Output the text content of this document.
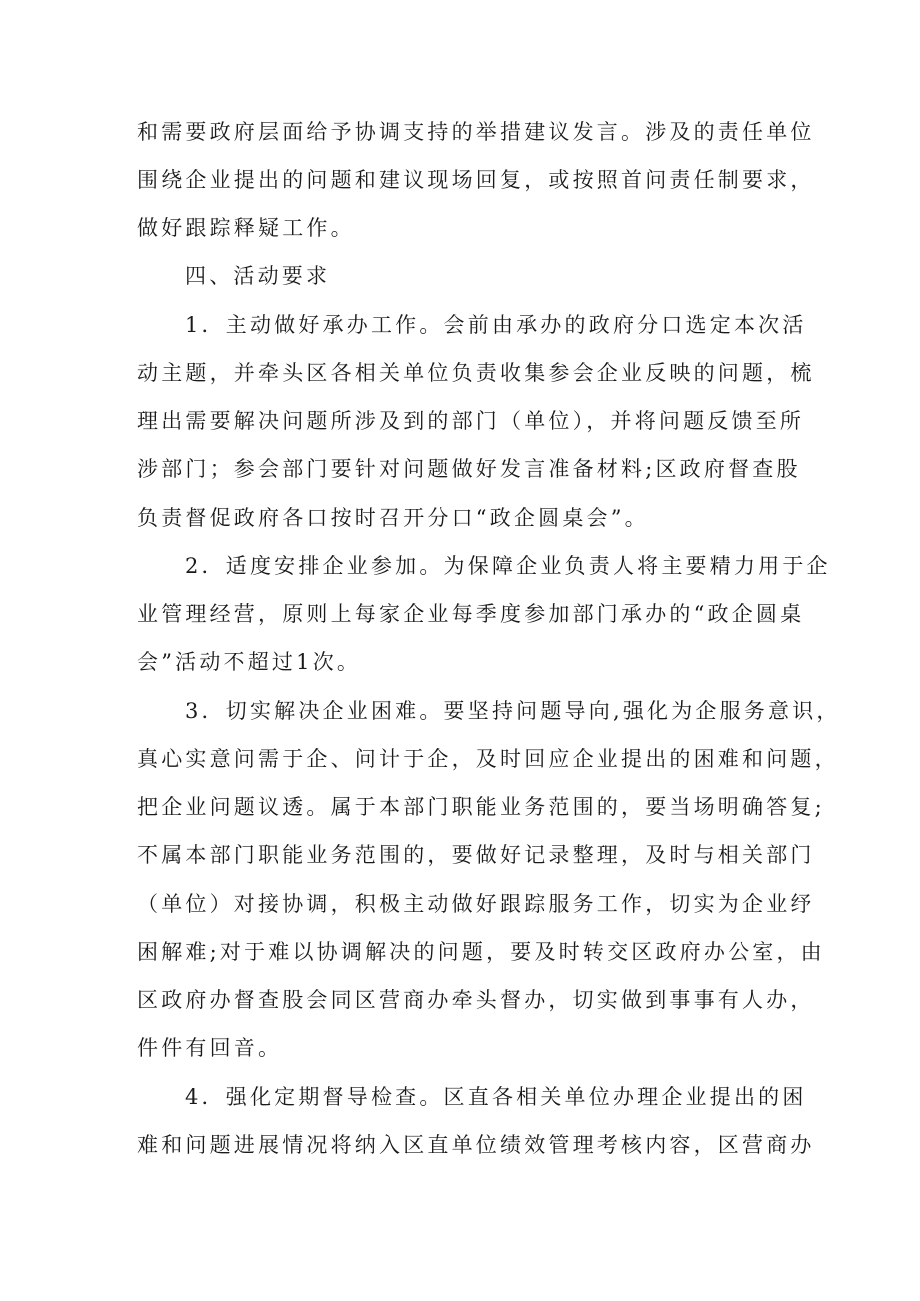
和需要政府层面给予协调支持的举措建议发言。涉及的责任单位
围绕企业提出的问题和建议现场回复，或按照首问责任制要求，
做好跟踪释疑工作。
四、活动要求
1．主动做好承办工作。会前由承办的政府分口选定本次活
动主题，并牵头区各相关单位负责收集参会企业反映的问题，梳
理出需要解决问题所涉及到的部门（单位），并将问题反馈至所
涉部门；参会部门要针对问题做好发言准备材料;区政府督查股
负责督促政府各口按时召开分口“政企圆桌会”。
2．适度安排企业参加。为保障企业负责人将主要精力用于企
业管理经营，原则上每家企业每季度参加部门承办的“政企圆桌
会”活动不超过1次。
3．切实解决企业困难。要坚持问题导向,强化为企服务意识，
真心实意问需于企、问计于企，及时回应企业提出的困难和问题，
把企业问题议透。属于本部门职能业务范围的，要当场明确答复;
不属本部门职能业务范围的，要做好记录整理，及时与相关部门
（单位）对接协调，积极主动做好跟踪服务工作，切实为企业纾
困解难;对于难以协调解决的问题，要及时转交区政府办公室，由
区政府办督查股会同区营商办牵头督办，切实做到事事有人办，
件件有回音。
4．强化定期督导检查。区直各相关单位办理企业提出的困
难和问题进展情况将纳入区直单位绩效管理考核内容，区营商办
